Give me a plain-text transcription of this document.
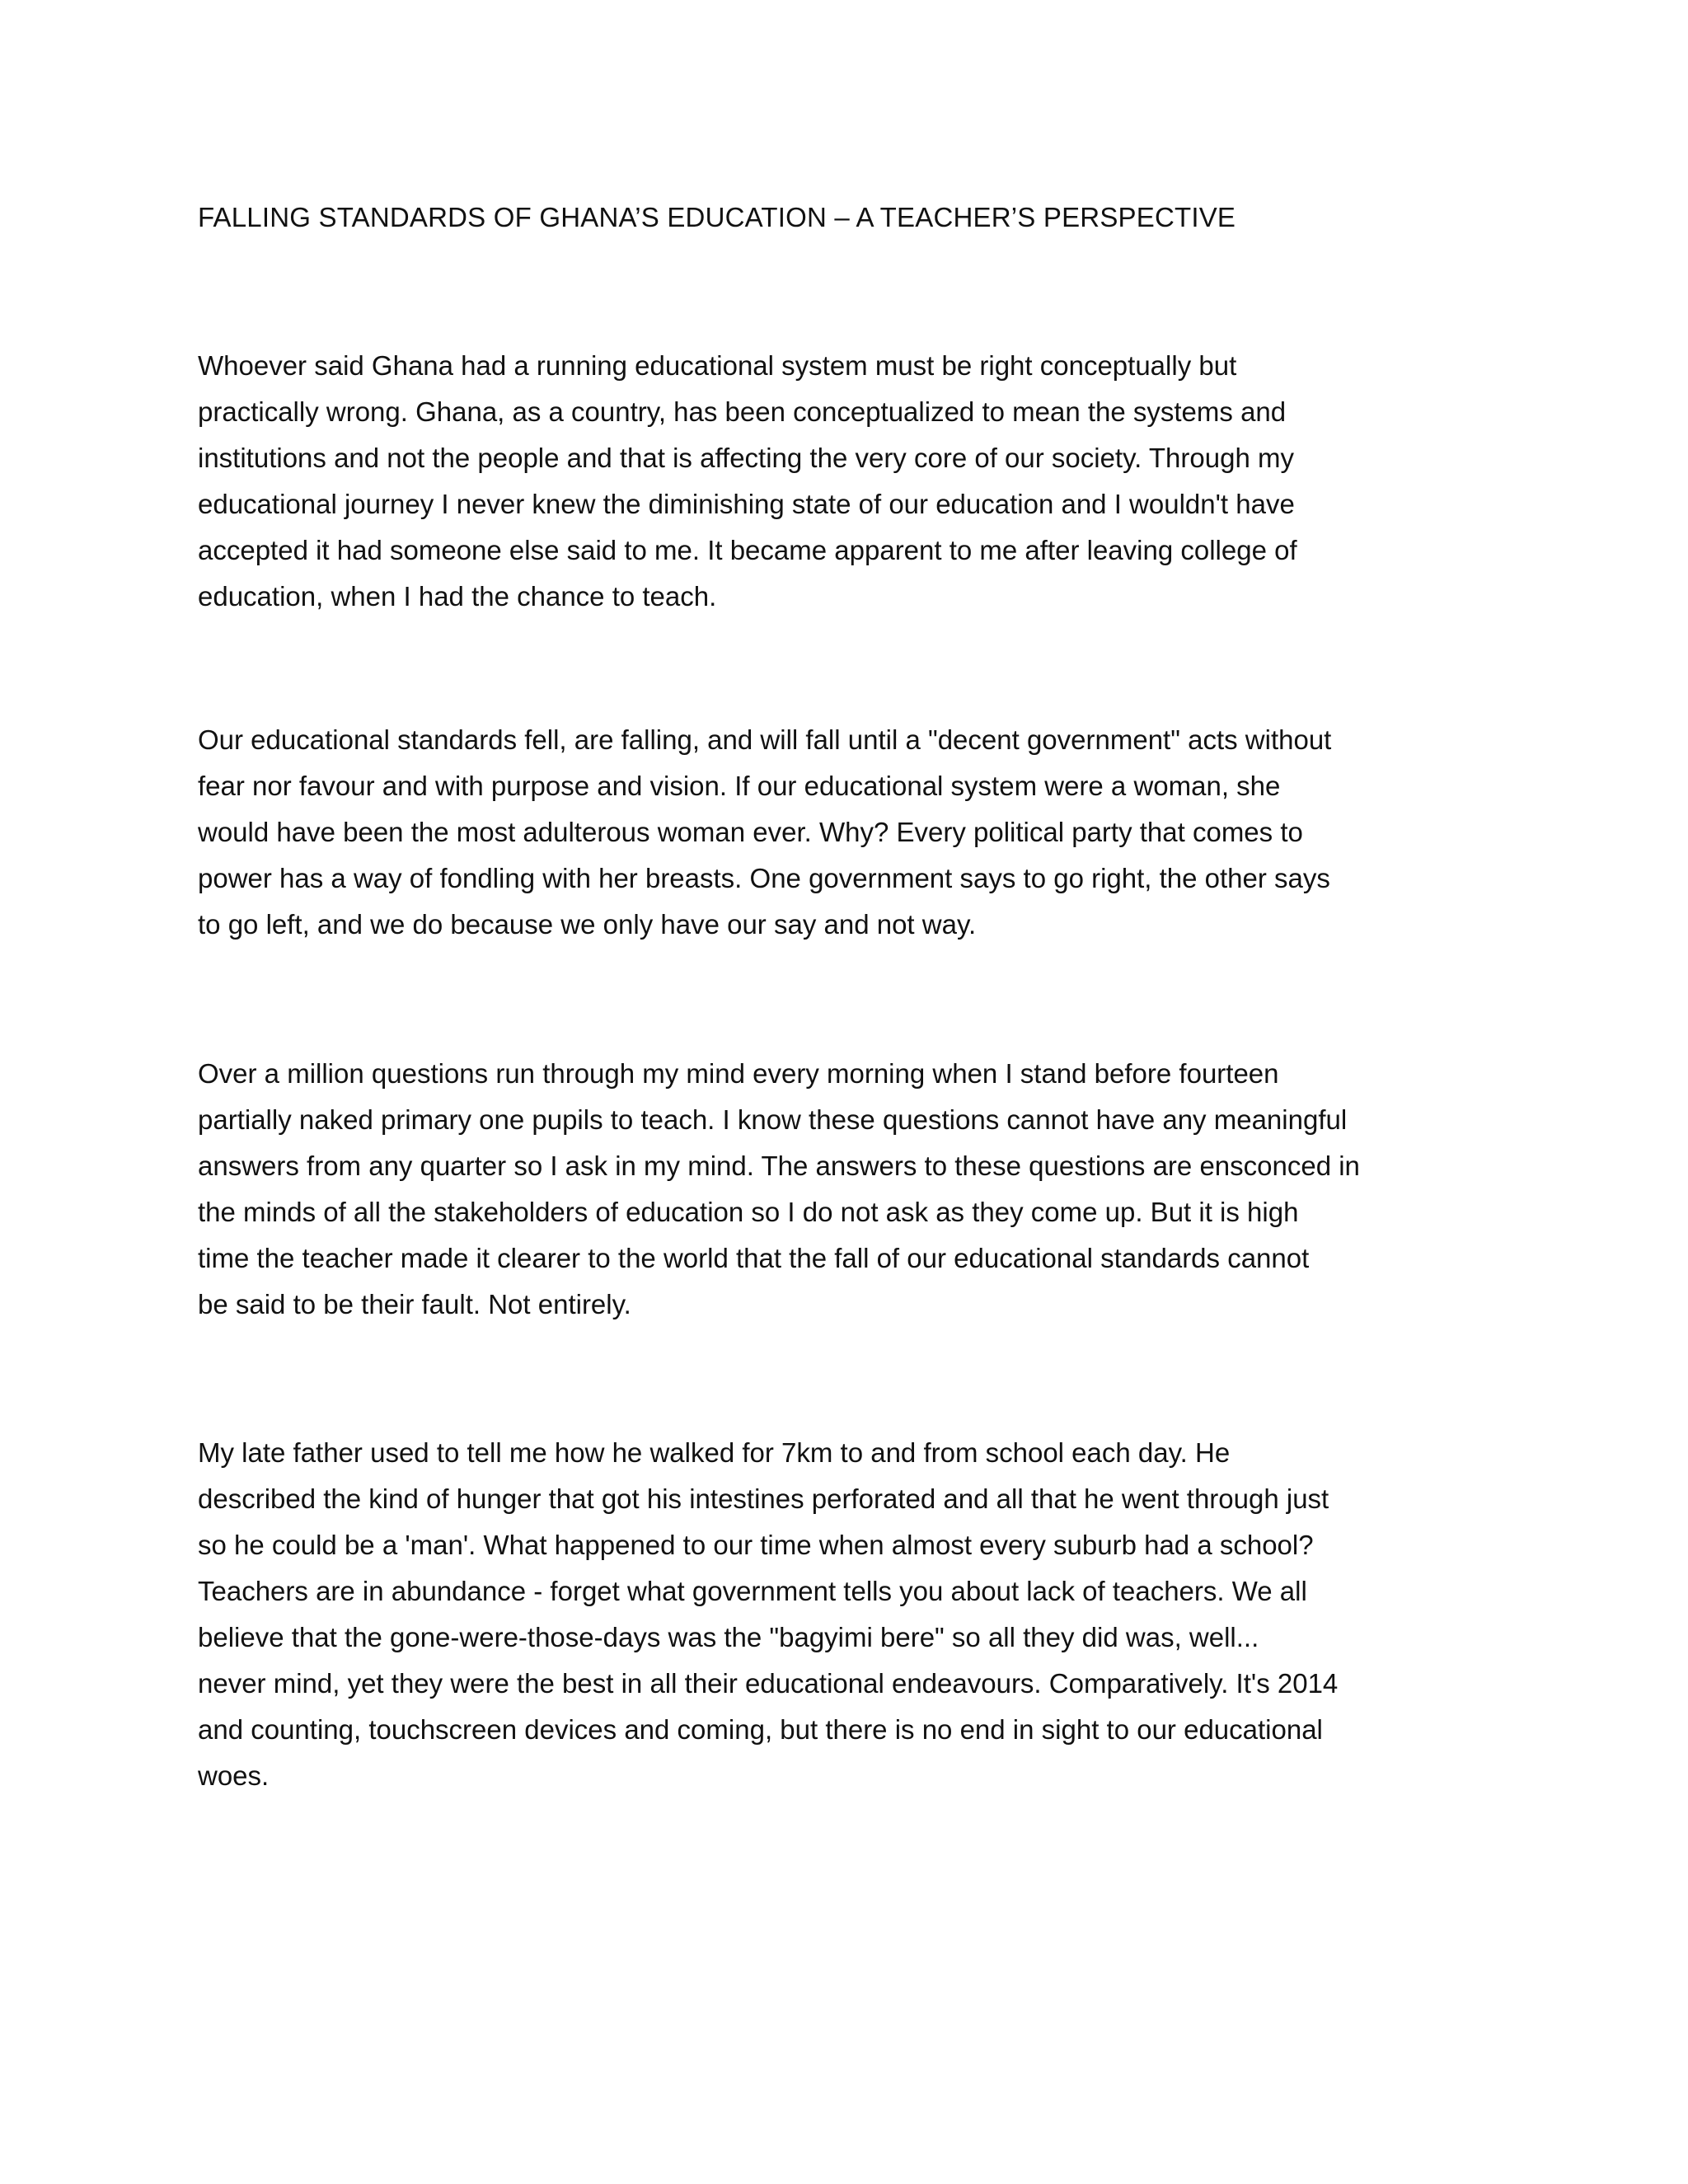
FALLING STANDARDS OF GHANA’S EDUCATION – A TEACHER’S PERSPECTIVE
Whoever said Ghana had a running educational system must be right conceptually but
practically wrong. Ghana, as a country, has been conceptualized to mean the systems and
institutions and not the people and that is affecting the very core of our society. Through my
educational journey I never knew the diminishing state of our education and I wouldn't have
accepted it had someone else said to me. It became apparent to me after leaving college of
education, when I had the chance to teach.
Our educational standards fell, are falling, and will fall until a "decent government" acts without
fear nor favour and with purpose and vision. If our educational system were a woman, she
would have been the most adulterous woman ever. Why? Every political party that comes to
power has a way of fondling with her breasts. One government says to go right, the other says
to go left, and we do because we only have our say and not way.
Over a million questions run through my mind every morning when I stand before fourteen
partially naked primary one pupils to teach. I know these questions cannot have any meaningful
answers from any quarter so I ask in my mind. The answers to these questions are ensconced in
the minds of all the stakeholders of education so I do not ask as they come up. But it is high
time the teacher made it clearer to the world that the fall of our educational standards cannot
be said to be their fault. Not entirely.
My late father used to tell me how he walked for 7km to and from school each day. He
described the kind of hunger that got his intestines perforated and all that he went through just
so he could be a 'man'. What happened to our time when almost every suburb had a school?
Teachers are in abundance - forget what government tells you about lack of teachers. We all
believe that the gone-were-those-days was the "bagyimi bere" so all they did was, well...
never mind, yet they were the best in all their educational endeavours. Comparatively. It's 2014
and counting, touchscreen devices and coming, but there is no end in sight to our educational
woes.
